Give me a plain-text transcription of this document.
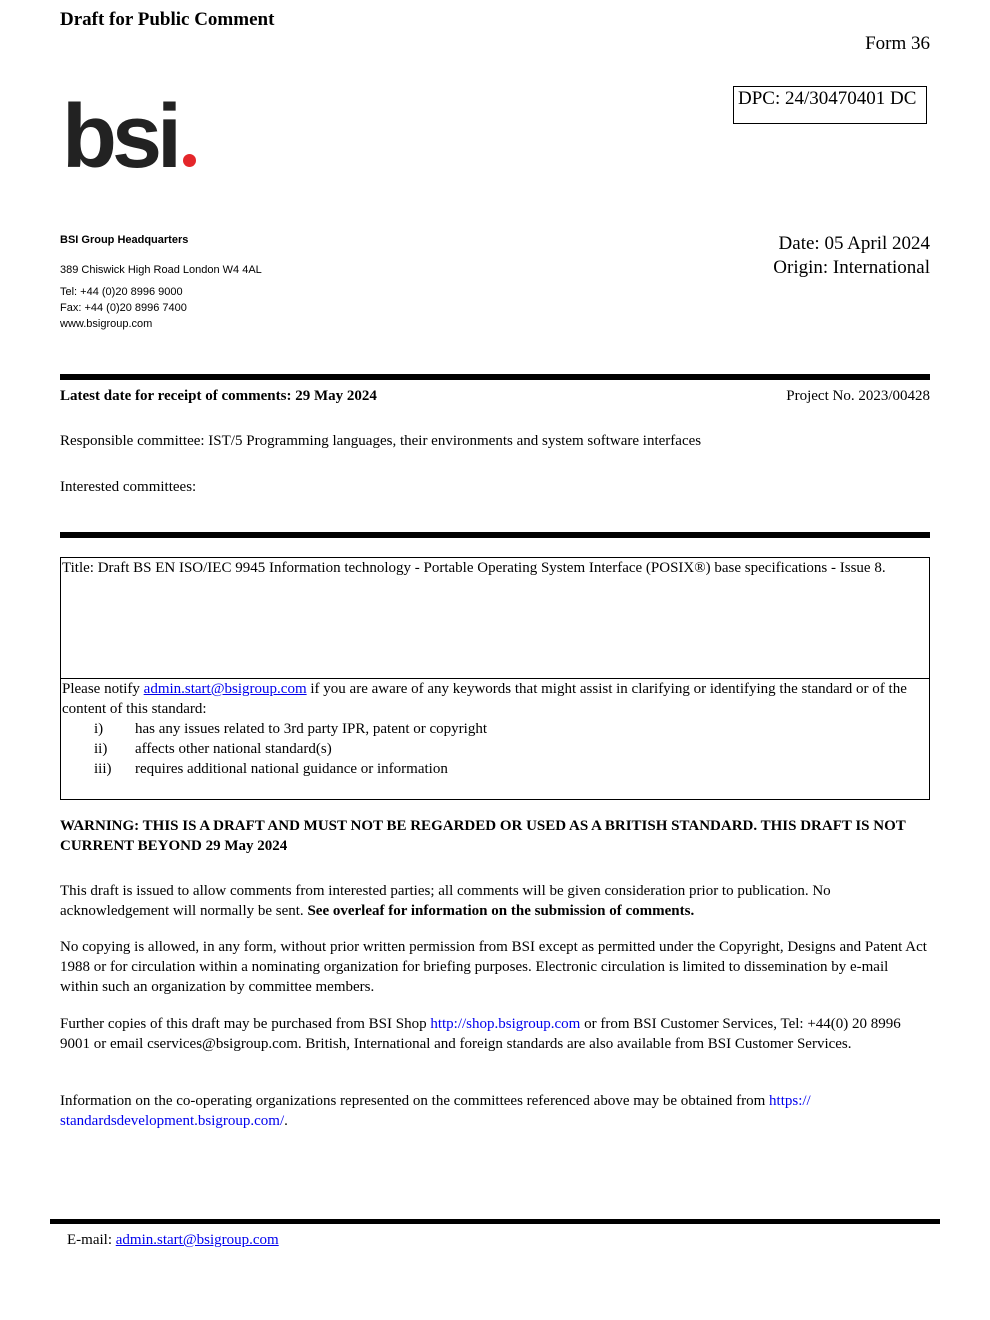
Draft for Public Comment
Form 36
DPC: 24/30470401 DC
bsi
BSI Group Headquarters
389 Chiswick High Road London W4 4AL
Tel: +44 (0)20 8996 9000
Fax: +44 (0)20 8996 7400
www.bsigroup.com
Date: 05 April 2024
Origin: International
Latest date for receipt of comments: 29 May 2024	Project No. 2023/00428
Responsible committee: IST/5 Programming languages, their environments and system software interfaces
Interested committees:
Title: Draft BS EN ISO/IEC 9945 Information technology - Portable Operating System Interface (POSIX®) base specifications - Issue 8.
Please notify admin.start@bsigroup.com if you are aware of any keywords that might assist in clarifying or identifying the standard or of the content of this standard:
i)	has any issues related to 3rd party IPR, patent or copyright
ii)	affects other national standard(s)
iii)	requires additional national guidance or information
WARNING: THIS IS A DRAFT AND MUST NOT BE REGARDED OR USED AS A BRITISH STANDARD. THIS DRAFT IS NOT CURRENT BEYOND 29 May 2024
This draft is issued to allow comments from interested parties; all comments will be given consideration prior to publication. No acknowledgement will normally be sent. See overleaf for information on the submission of comments.
No copying is allowed, in any form, without prior written permission from BSI except as permitted under the Copyright, Designs and Patent Act 1988 or for circulation within a nominating organization for briefing purposes. Electronic circulation is limited to dissemination by e-mail within such an organization by committee members.
Further copies of this draft may be purchased from BSI Shop http://shop.bsigroup.com or from BSI Customer Services, Tel: +44(0) 20 8996 9001 or email cservices@bsigroup.com. British, International and foreign standards are also available from BSI Customer Services.
Information on the co-operating organizations represented on the committees referenced above may be obtained from https:// standardsdevelopment.bsigroup.com/.
E-mail: admin.start@bsigroup.com
